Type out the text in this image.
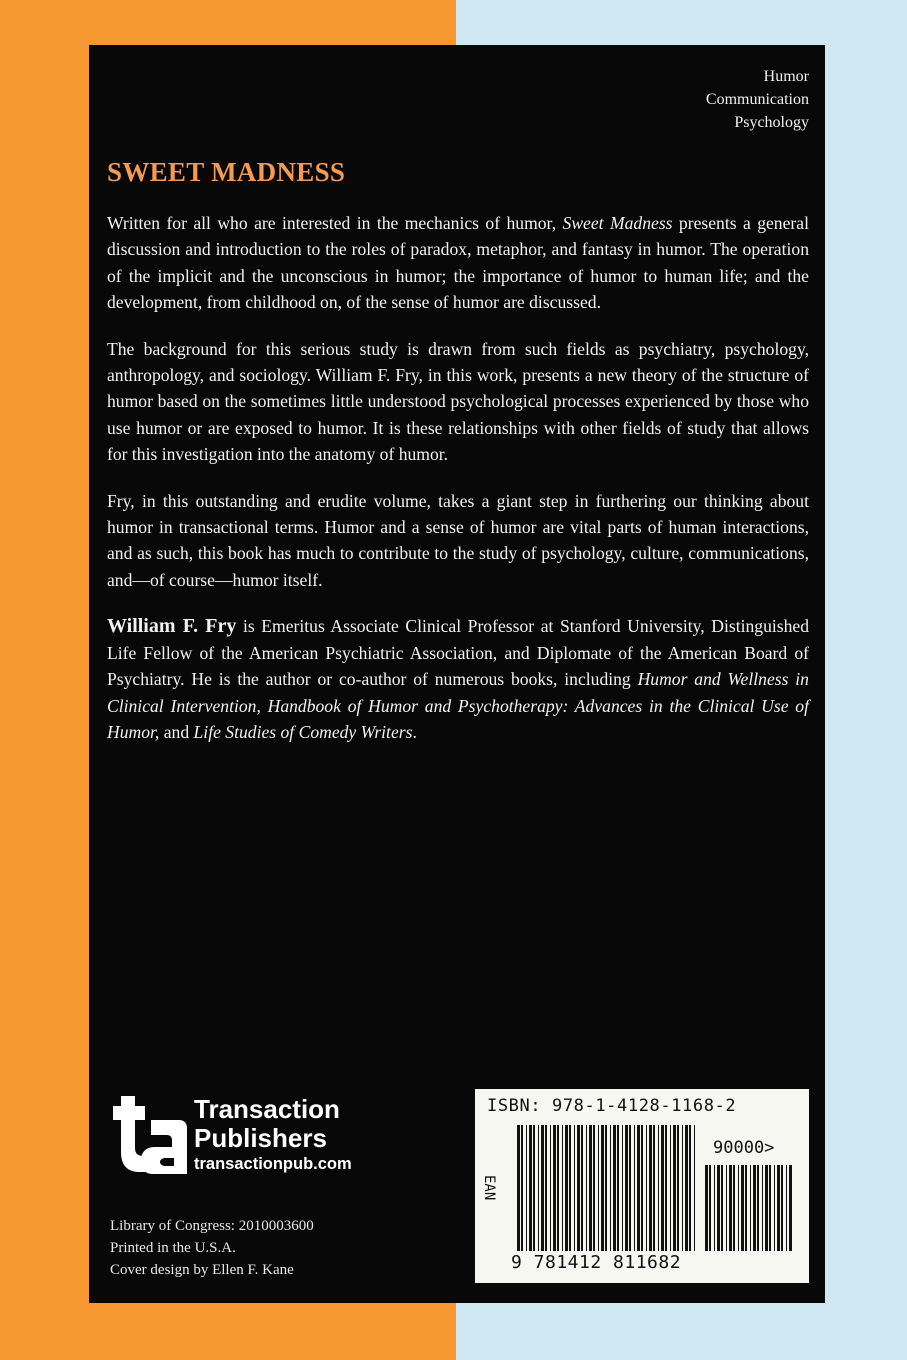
Humor
Communication
Psychology
SWEET MADNESS

Written for all who are interested in the mechanics of humor, Sweet Madness presents a general discussion and introduction to the roles of paradox, metaphor, and fantasy in humor. The operation of the implicit and the unconscious in humor; the importance of humor to human life; and the development, from childhood on, of the sense of humor are discussed.

The background for this serious study is drawn from such fields as psychiatry, psychology, anthropology, and sociology. William F. Fry, in this work, presents a new theory of the structure of humor based on the sometimes little understood psychological processes experienced by those who use humor or are exposed to humor. It is these relationships with other fields of study that allows for this investigation into the anatomy of humor.

Fry, in this outstanding and erudite volume, takes a giant step in furthering our thinking about humor in transactional terms. Humor and a sense of humor are vital parts of human interactions, and as such, this book has much to contribute to the study of psychology, culture, communications, and—of course—humor itself.

William F. Fry is Emeritus Associate Clinical Professor at Stanford University, Distinguished Life Fellow of the American Psychiatric Association, and Diplomate of the American Board of Psychiatry. He is the author or co-author of numerous books, including Humor and Wellness in Clinical Intervention, Handbook of Humor and Psychotherapy: Advances in the Clinical Use of Humor, and Life Studies of Comedy Writers.

Transaction
Publishers
transactionpub.com
Library of Congress: 2010003600
Printed in the U.S.A.
Cover design by Ellen F. Kane
ISBN: 978-1-4128-1168-2
90000>
EAN
9 781412 811682
